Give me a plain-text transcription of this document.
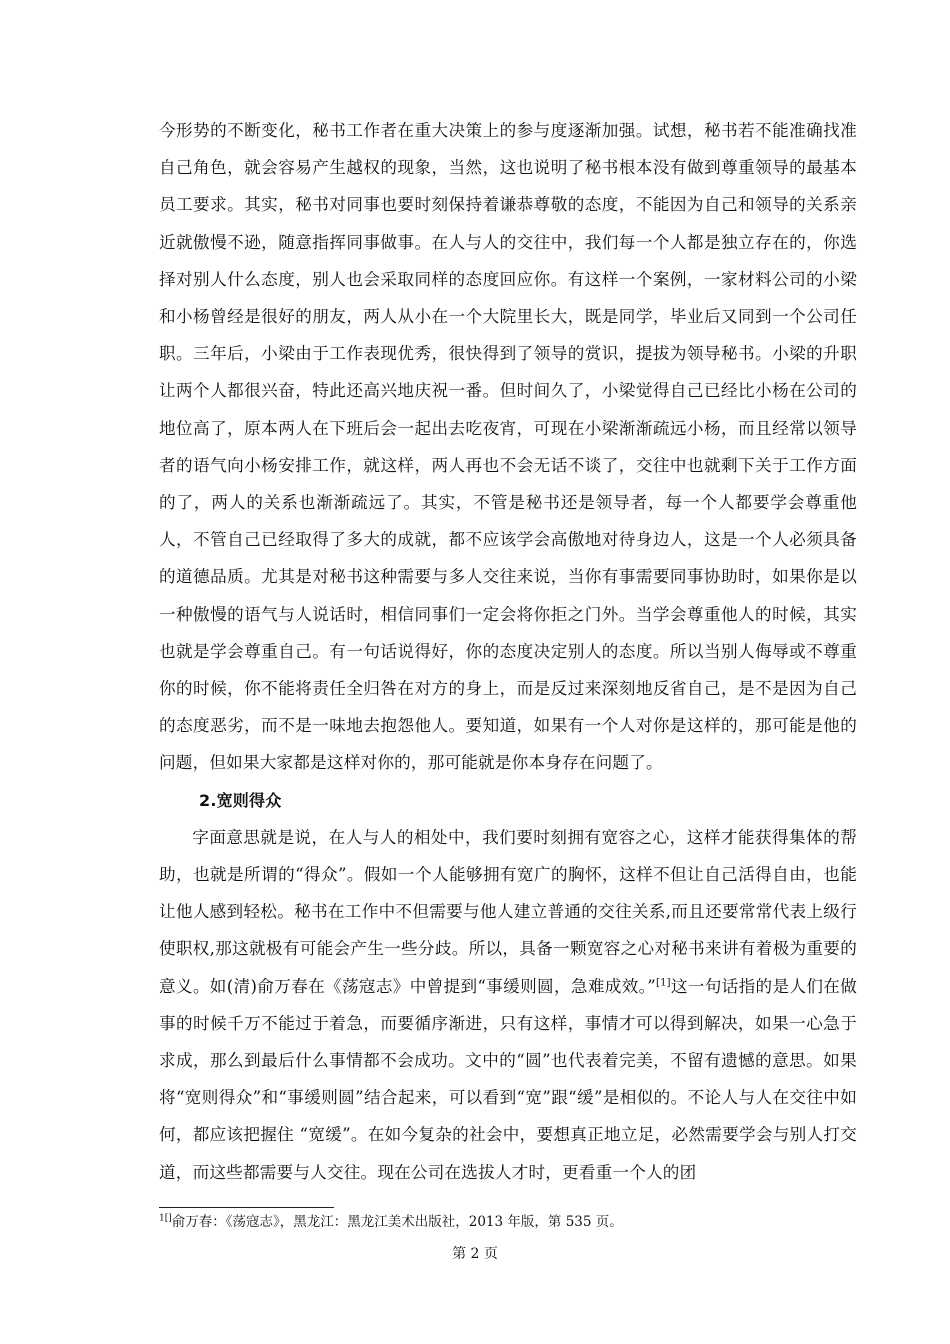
今形势的不断变化，秘书工作者在重大决策上的参与度逐渐加强。试想，秘书若不能准确找准自己角色，就会容易产生越权的现象，当然，这也说明了秘书根本没有做到尊重领导的最基本员工要求。其实，秘书对同事也要时刻保持着谦恭尊敬的态度，不能因为自己和领导的关系亲近就傲慢不逊，随意指挥同事做事。在人与人的交往中，我们每一个人都是独立存在的，你选择对别人什么态度，别人也会采取同样的态度回应你。有这样一个案例，一家材料公司的小梁和小杨曾经是很好的朋友，两人从小在一个大院里长大，既是同学，毕业后又同到一个公司任职。三年后，小梁由于工作表现优秀，很快得到了领导的赏识，提拔为领导秘书。小梁的升职让两个人都很兴奋，特此还高兴地庆祝一番。但时间久了，小梁觉得自己已经比小杨在公司的地位高了，原本两人在下班后会一起出去吃夜宵，可现在小梁渐渐疏远小杨，而且经常以领导者的语气向小杨安排工作，就这样，两人再也不会无话不谈了，交往中也就剩下关于工作方面的了，两人的关系也渐渐疏远了。其实，不管是秘书还是领导者，每一个人都要学会尊重他人，不管自己已经取得了多大的成就，都不应该学会高傲地对待身边人，这是一个人必须具备的道德品质。尤其是对秘书这种需要与多人交往来说，当你有事需要同事协助时，如果你是以一种傲慢的语气与人说话时，相信同事们一定会将你拒之门外。当学会尊重他人的时候，其实也就是学会尊重自己。有一句话说得好，你的态度决定别人的态度。所以当别人侮辱或不尊重你的时候，你不能将责任全归咎在对方的身上，而是反过来深刻地反省自己，是不是因为自己的态度恶劣，而不是一味地去抱怨他人。要知道，如果有一个人对你是这样的，那可能是他的问题，但如果大家都是这样对你的，那可能就是你本身存在问题了。

2.宽则得众

字面意思就是说，在人与人的相处中，我们要时刻拥有宽容之心，这样才能获得集体的帮助，也就是所谓的“得众”。假如一个人能够拥有宽广的胸怀，这样不但让自己活得自由，也能让他人感到轻松。秘书在工作中不但需要与他人建立普通的交往关系,而且还要常常代表上级行使职权,那这就极有可能会产生一些分歧。所以，具备一颗宽容之心对秘书来讲有着极为重要的意义。如(清)俞万春在《荡寇志》中曾提到“事缓则圆，急难成效。”[1]这一句话指的是人们在做事的时候千万不能过于着急，而要循序渐进，只有这样，事情才可以得到解决，如果一心急于求成，那么到最后什么事情都不会成功。文中的“圆”也代表着完美，不留有遗憾的意思。如果将“宽则得众”和“事缓则圆”结合起来，可以看到“宽”跟“缓”是相似的。不论人与人在交往中如何，都应该把握住 “宽缓”。在如今复杂的社会中，要想真正地立足，必然需要学会与别人打交道，而这些都需要与人交往。现在公司在选拔人才时，更看重一个人的团

$^{1[]}$俞万春：《荡寇志》，黑龙江：黑龙江美术出版社，2013 年版，第 535 页。
第 2 页
